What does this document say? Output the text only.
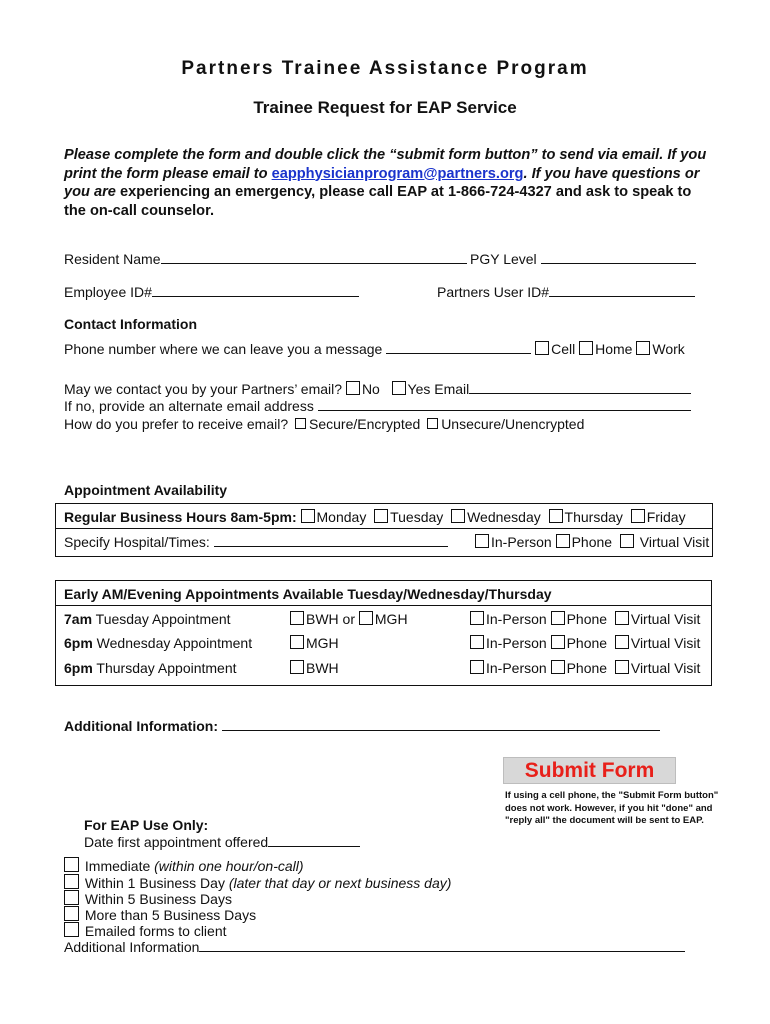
Partners Trainee Assistance Program
Trainee Request for EAP Service
Please complete the form and double click the “submit form button” to send via email. If you print the form please email to eapphysicianprogram@partners.org. If you have questions or you are experiencing an emergency, please call EAP at 1-866-724-4327 and ask to speak to the on-call counselor.
Resident Name	PGY Level
Employee ID#	Partners User ID#
Contact Information
Phone number where we can leave you a message	Cell Home Work
May we contact you by your Partners’ email? No Yes Email
If no, provide an alternate email address
How do you prefer to receive email? Secure/Encrypted Unsecure/Unencrypted
Appointment Availability
Regular Business Hours 8am-5pm: Monday Tuesday Wednesday Thursday Friday
Specify Hospital/Times:	In-Person Phone Virtual Visit
Early AM/Evening Appointments Available Tuesday/Wednesday/Thursday
7am Tuesday Appointment	BWH or MGH	In-Person Phone Virtual Visit
6pm Wednesday Appointment	MGH	In-Person Phone Virtual Visit
6pm Thursday Appointment	BWH	In-Person Phone Virtual Visit
Additional Information:
Submit Form
If using a cell phone, the "Submit Form button" does not work. However, if you hit "done" and "reply all" the document will be sent to EAP.
For EAP Use Only:
Date first appointment offered
Immediate (within one hour/on-call)
Within 1 Business Day (later that day or next business day)
Within 5 Business Days
More than 5 Business Days
Emailed forms to client
Additional Information
